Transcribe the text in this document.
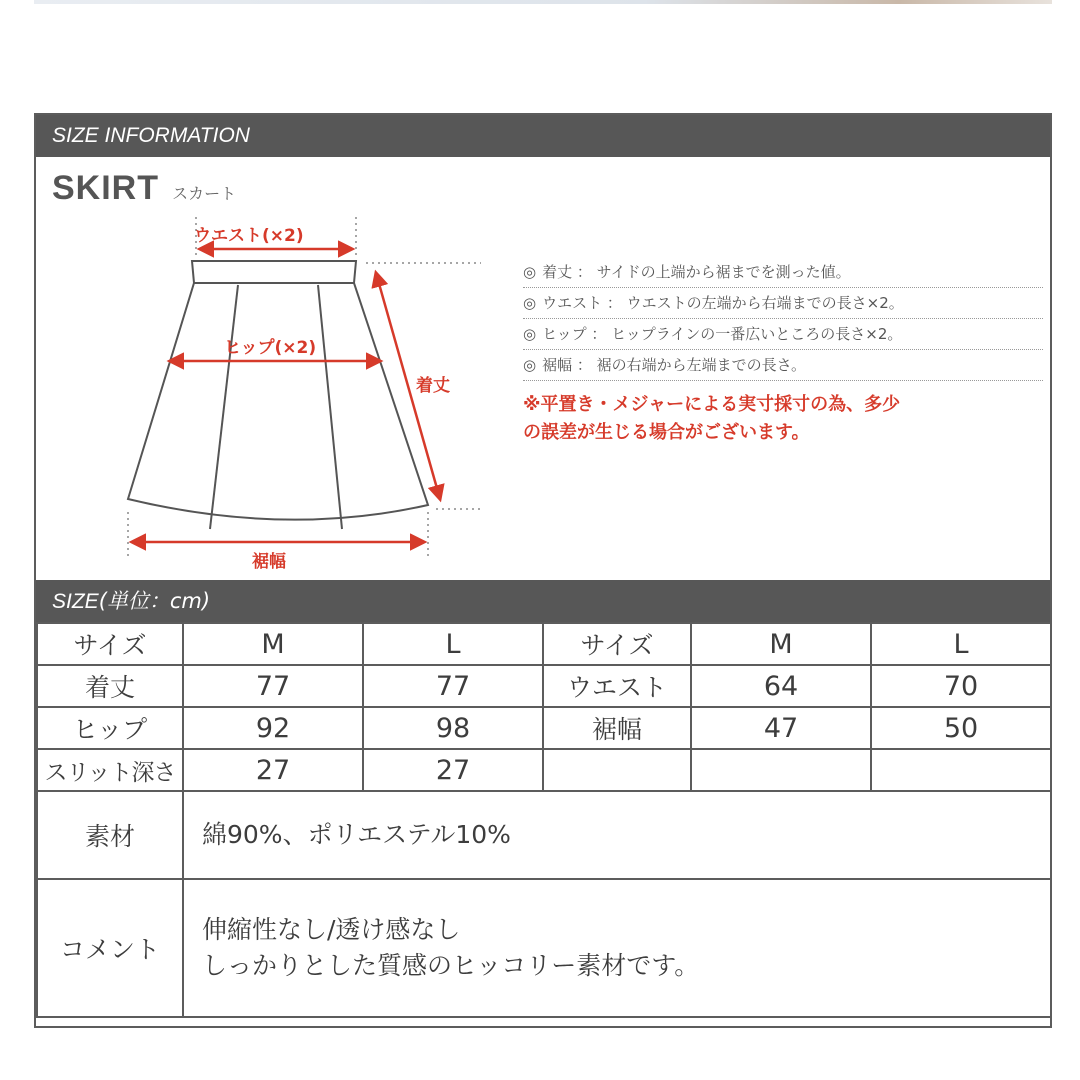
SIZE INFORMATION
SKIRT スカート
ウエスト(×2)
ヒップ(×2)
着丈
裾幅
◎ 着丈 ： サイドの上端から裾までを測った値。
◎ ウエスト ： ウエストの左端から右端までの長さ×2。
◎ ヒップ ： ヒップラインの一番広いところの長さ×2。
◎ 裾幅 ： 裾の右端から左端までの長さ。
※平置き・メジャーによる実寸採寸の為、多少
の誤差が生じる場合がございます。
SIZE(単位：cm)
サイズ	M	L	サイズ	M	L
着丈	77	77	ウエスト	64	70
ヒップ	92	98	裾幅	47	50
スリット深さ	27	27			
素材	綿90%、ポリエステル10%				
コメント	伸縮性なし/透け感なし
しっかりとした質感のヒッコリー素材です。				
